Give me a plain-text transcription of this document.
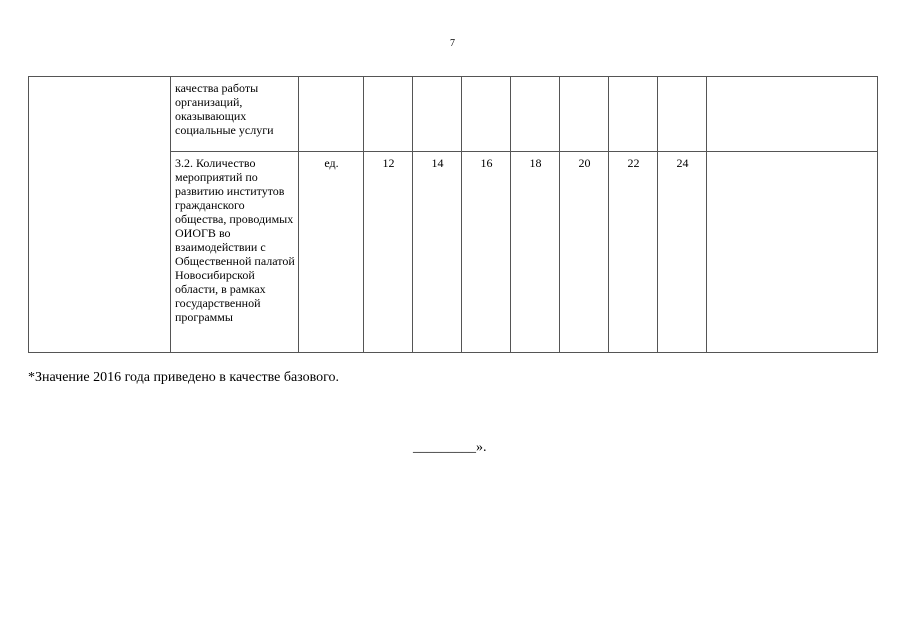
7
	качества работы организаций, оказывающих социальные услуги									
	3.2. Количество мероприятий по развитию институтов гражданского общества, проводимых ОИОГВ во взаимодействии с Общественной палатой Новосибирской области, в рамках государственной программы	ед.	12	14	16	18	20	22	24	
*Значение 2016 года приведено в качестве базового.
_________».
